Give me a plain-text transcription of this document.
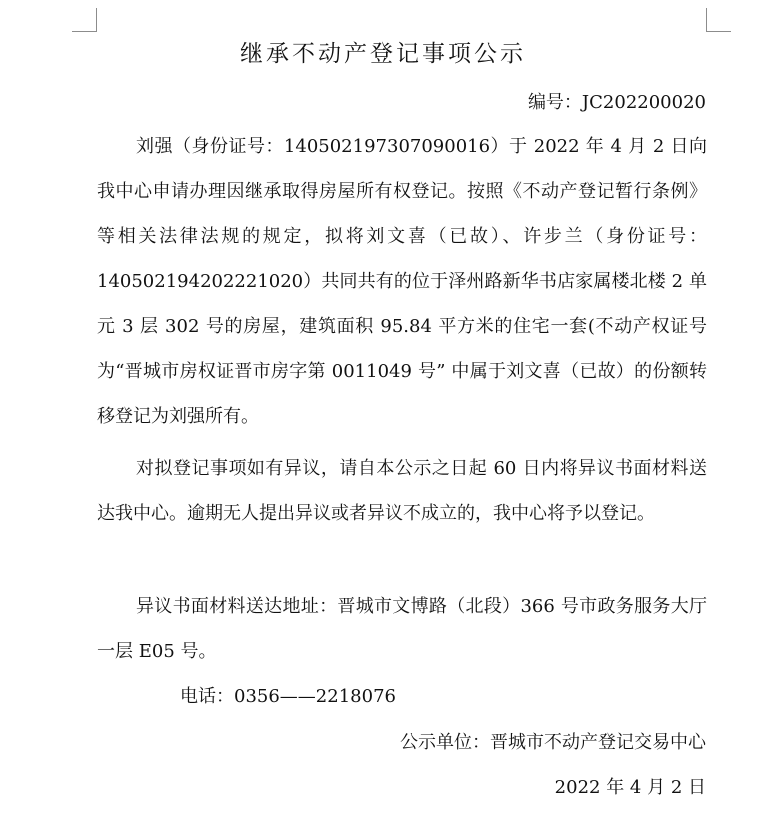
继承不动产登记事项公示
编号：JC202200020

刘强（身份证号：140502197307090016）于 2022 年 4 月 2 日向我中心申请办理因继承取得房屋所有权登记。按照《不动产登记暂行条例》等相关法律法规的规定，拟将刘文喜（已故）、许步兰（身份证号：140502194202221020）共同共有的位于泽州路新华书店家属楼北楼 2 单元 3 层 302 号的房屋，建筑面积 95.84 平方米的住宅一套(不动产权证号为“晋城市房权证晋市房字第 0011049 号” 中属于刘文喜（已故）的份额转移登记为刘强所有。

对拟登记事项如有异议，请自本公示之日起 60 日内将异议书面材料送达我中心。逾期无人提出异议或者异议不成立的，我中心将予以登记。

异议书面材料送达地址：晋城市文博路（北段）366 号市政务服务大厅一层 E05 号。

电话：0356——2218076
公示单位：晋城市不动产登记交易中心
2022 年 4 月 2 日
